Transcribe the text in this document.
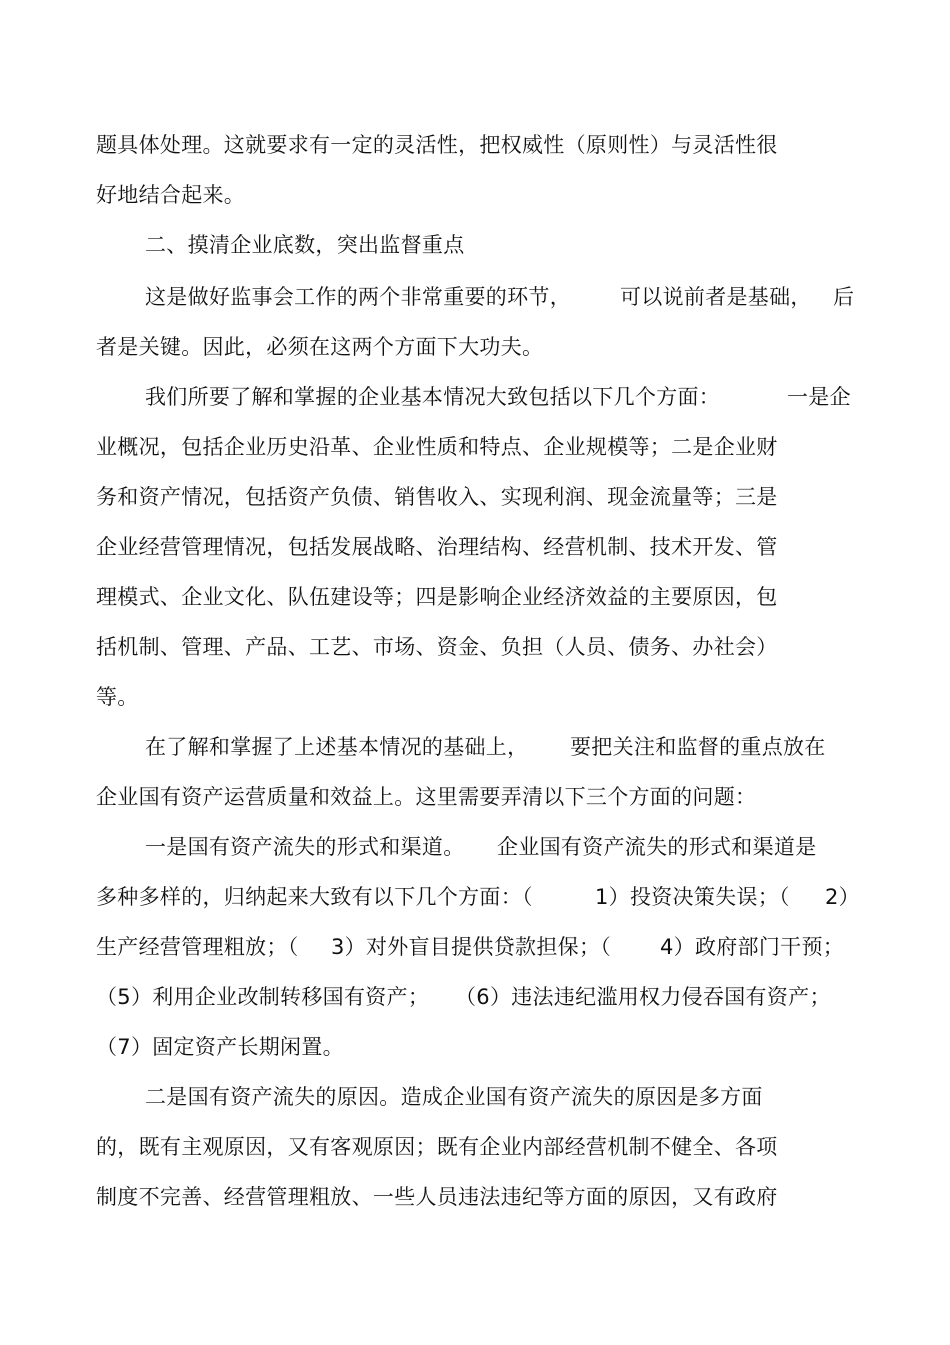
题具体处理。这就要求有一定的灵活性，把权威性（原则性）与灵活性很
好地结合起来。
二、摸清企业底数，突出监督重点
这是做好监事会工作的两个非常重要的环节， 可以说前者是基础， 后
者是关键。因此，必须在这两个方面下大功夫。
我们所要了解和掌握的企业基本情况大致包括以下几个方面：	一是企
业概况，包括企业历史沿革、企业性质和特点、企业规模等；二是企业财
务和资产情况，包括资产负债、销售收入、实现利润、现金流量等；三是
企业经营管理情况，包括发展战略、治理结构、经营机制、技术开发、管
理模式、企业文化、队伍建设等；四是影响企业经济效益的主要原因，包
括机制、管理、产品、工艺、市场、资金、负担（人员、债务、办社会）
等。
在了解和掌握了上述基本情况的基础上， 要把关注和监督的重点放在
企业国有资产运营质量和效益上。这里需要弄清以下三个方面的问题：
一是国有资产流失的形式和渠道。 企业国有资产流失的形式和渠道是
多种多样的，归纳起来大致有以下几个方面：（	1）投资决策失误；（ 2）
生产经营管理粗放；（ 3）对外盲目提供贷款担保；（ 4）政府部门干预；
（5）利用企业改制转移国有资产； （6）违法违纪滥用权力侵吞国有资产；
（7）固定资产长期闲置。
二是国有资产流失的原因。造成企业国有资产流失的原因是多方面
的，既有主观原因，又有客观原因；既有企业内部经营机制不健全、各项
制度不完善、经营管理粗放、一些人员违法违纪等方面的原因，又有政府
